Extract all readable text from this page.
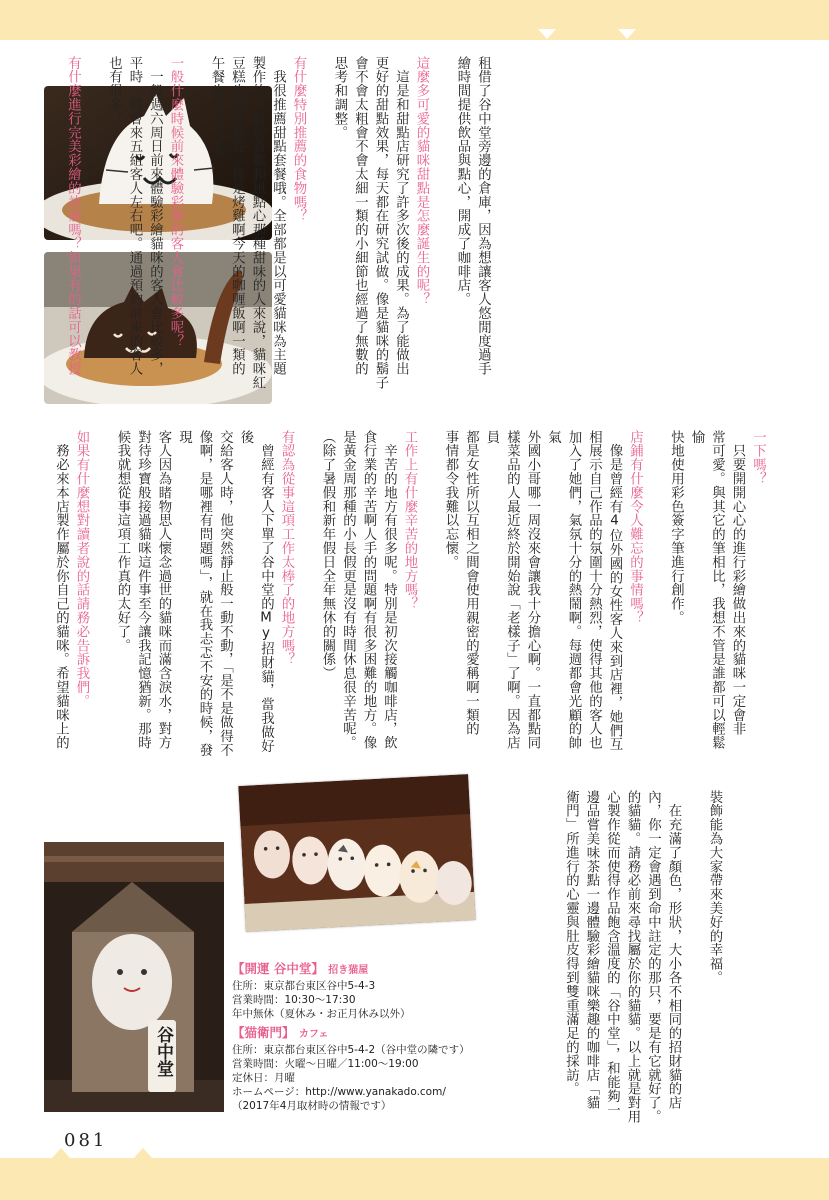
谷中堂
租借了谷中堂旁邊的倉庫，因為想讓客人悠閒度過手
繪時間提供飲品與點心，開成了咖啡店。

這麼多可愛的貓咪甜點是怎麼誕生的呢？
　這是和甜點店研究了許多次後的成果。為了能做出
更好的甜點效果，每天都在研究試做。像是貓咪的鬍子
會不會太粗會不會太細一類的小細節也經過了無數的
思考和調整。

有什麼特別推薦的食物嗎？
　我很推薦甜點套餐哦。全部都是以可愛貓咪為主題
製作的。對於喜歡和風點心那種甜味的人來說，貓咪紅
豆糕也很受歡迎。像是烤雞啊今天的咖喱飯啊一類的
午餐也很有人氣。

一般什麼時候前來體驗彩繪的客人會比較多呢？
　一般週六周日前來體驗彩繪貓咪的客人會比較多，
平時一般會來五組客人左右吧。通過預約前來的客人
也有很多。

有什麼進行完美彩繪的訣竅嗎？如果有的話可以教授

一下嗎？
　只要開開心心的進行彩繪做出來的貓咪一定會非
常可愛。與其它的筆相比，我想不管是誰都可以輕鬆愉
快地使用彩色簽字筆進行創作。

店鋪有什麼令人難忘的事情嗎？
　像是曾經有4位外國的女性客人來到店裡，她們互
相展示自己作品的氛圍十分熱烈，使得其他的客人也
加入了她們，氣氛十分的熱鬧啊。每週都會光顧的帥氣
外國小哥哪一周沒來會讓我十分擔心啊。一直都點同
樣菜品的人最近終於開始說「老樣子」了啊。因為店員
都是女性所以互相之間會使用親密的愛稱啊一類的
事情都令我難以忘懷。

工作上有什麼辛苦的地方嗎？
　辛苦的地方有很多呢。特別是初次接觸咖啡店，飲
食行業的辛苦啊人手的問題啊有很多困難的地方。像
是黃金周那種的小長假更是沒有時間休息很辛苦呢。
（除了暑假和新年假日全年無休的關係）

有認為從事這項工作太棒了的地方嗎？
　曾經有客人下單了谷中堂的My招財貓，當我做好後
交給客人時，他突然靜止般一動不動，「是不是做得不
像啊，是哪裡有問題嗎」，就在我忐忑不安的時候，發現
客人因為睹物思人懷念過世的貓咪而滿含淚水，對方
對待珍寶般接過貓咪這件事至今讓我記憶猶新。那時
候我就想從事這項工作真的太好了。

如果有什麼想對讀者說的話請務必告訴我們。
　務必來本店製作屬於你自己的貓咪。希望貓咪上的

裝飾能為大家帶來美好的幸福。

　在充滿了顏色，形狀，大小各不相同的招財貓的店
內，你一定會遇到命中註定的那只，要是有它就好了。
的貓貓。請務必前來尋找屬於你的貓貓。以上就是對用
心製作從而使得作品飽含溫度的「谷中堂」，和能夠一
邊品嘗美味茶點一邊體驗彩繪貓咪樂趣的咖啡店「貓
衛門」所進行的心靈與肚皮得到雙重滿足的採訪。

【開運 谷中堂】 招き猫屋
住所：東京都台東区谷中5-4-3
営業時間：10:30〜17:30
年中無休（夏休み・お正月休み以外）
【猫衛門】 カフェ
住所：東京都台東区谷中5-4-2（谷中堂の隣です）
営業時間：火曜〜日曜／11:00〜19:00
定休日：月曜
ホームページ：http://www.yanakado.com/
（2017年4月取材時の情報です）
081
